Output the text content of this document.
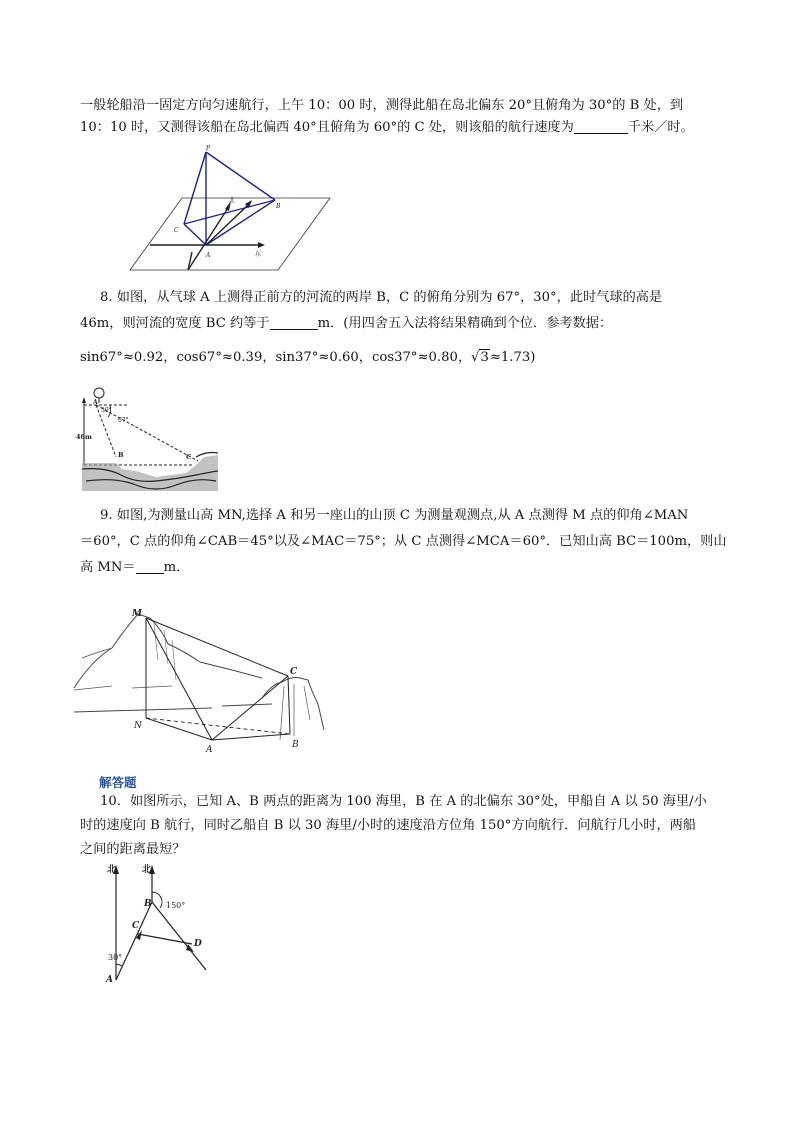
一般轮船沿一固定方向匀速航行，上午 10：00 时，测得此船在岛北偏东 20°且俯角为 30°的 B 处，到
10：10 时，又测得该船在岛北偏西 40°且俯角为 60°的 C 处，则该船的航行速度为	千米／时。
P
A
B
C
北
东
8. 如图，从气球 A 上测得正前方的河流的两岸 B，C 的俯角分别为 67°，30°，此时气球的高是
46m，则河流的宽度 BC 约等于	m．(用四舍五入法将结果精确到个位．参考数据：
sin67°≈0.92，cos67°≈0.39，sin37°≈0.60，cos37°≈0.80，√3≈1.73)
46m
A
30°
67°
B	C
9. 如图,为测量山高 MN,选择 A 和另一座山的山顶 C 为测量观测点,从 A 点测得 M 点的仰角∠MAN
＝60°，C 点的仰角∠CAB＝45°以及∠MAC＝75°；从 C 点测得∠MCA＝60°．已知山高 BC＝100m，则山
高 MN＝ m．
M
N
A	B
C
解答题
10．如图所示，已知 A、B 两点的距离为 100 海里，B 在 A 的北偏东 30°处，甲船自 A 以 50 海里/小
时的速度向 B 航行，同时乙船自 B 以 30 海里/小时的速度沿方位角 150°方向航行．问航行几小时，两船
之间的距离最短？
北	北
B 150°
C
D
30°
A
